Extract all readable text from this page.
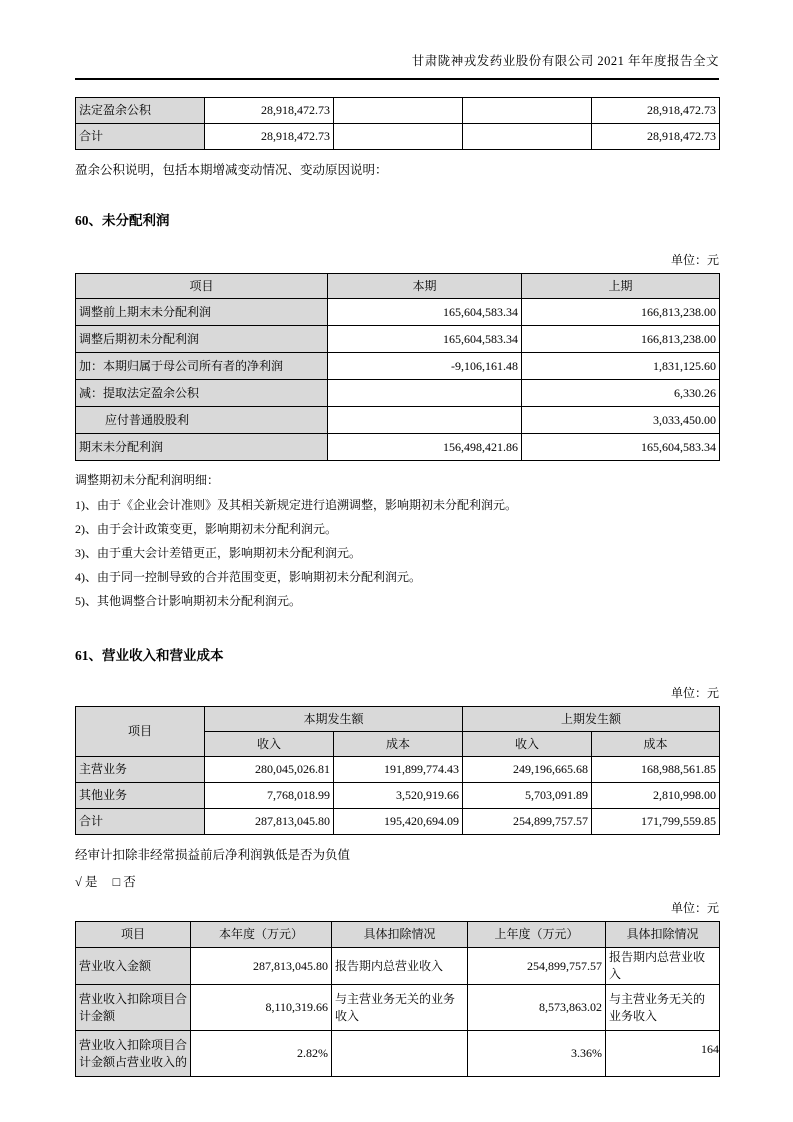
甘肃陇神戎发药业股份有限公司 2021 年年度报告全文
法定盈余公积	28,918,472.73			28,918,472.73
合计	28,918,472.73			28,918,472.73
盈余公积说明，包括本期增减变动情况、变动原因说明：
60、未分配利润
单位：元
项目	本期	上期
调整前上期末未分配利润	165,604,583.34	166,813,238.00
调整后期初未分配利润	165,604,583.34	166,813,238.00
加：本期归属于母公司所有者的净利润	-9,106,161.48	1,831,125.60
减：提取法定盈余公积		6,330.26
应付普通股股利		3,033,450.00
期末未分配利润	156,498,421.86	165,604,583.34
调整期初未分配利润明细：
1)、由于《企业会计准则》及其相关新规定进行追溯调整，影响期初未分配利润元。
2)、由于会计政策变更，影响期初未分配利润元。
3)、由于重大会计差错更正，影响期初未分配利润元。
4)、由于同一控制导致的合并范围变更，影响期初未分配利润元。
5)、其他调整合计影响期初未分配利润元。
61、营业收入和营业成本
单位：元
项目	本期发生额		上期发生额	
	收入	成本	收入	成本
主营业务	280,045,026.81	191,899,774.43	249,196,665.68	168,988,561.85
其他业务	7,768,018.99	3,520,919.66	5,703,091.89	2,810,998.00
合计	287,813,045.80	195,420,694.09	254,899,757.57	171,799,559.85
经审计扣除非经常损益前后净利润孰低是否为负值
√ 是 □ 否
单位：元
项目	本年度（万元）	具体扣除情况	上年度（万元）	具体扣除情况
营业收入金额	287,813,045.80	报告期内总营业收入	254,899,757.57	报告期内总营业收入
营业收入扣除项目合计金额	8,110,319.66	与主营业务无关的业务收入	8,573,863.02	与主营业务无关的业务收入
营业收入扣除项目合计金额占营业收入的	2.82%		3.36%		164
